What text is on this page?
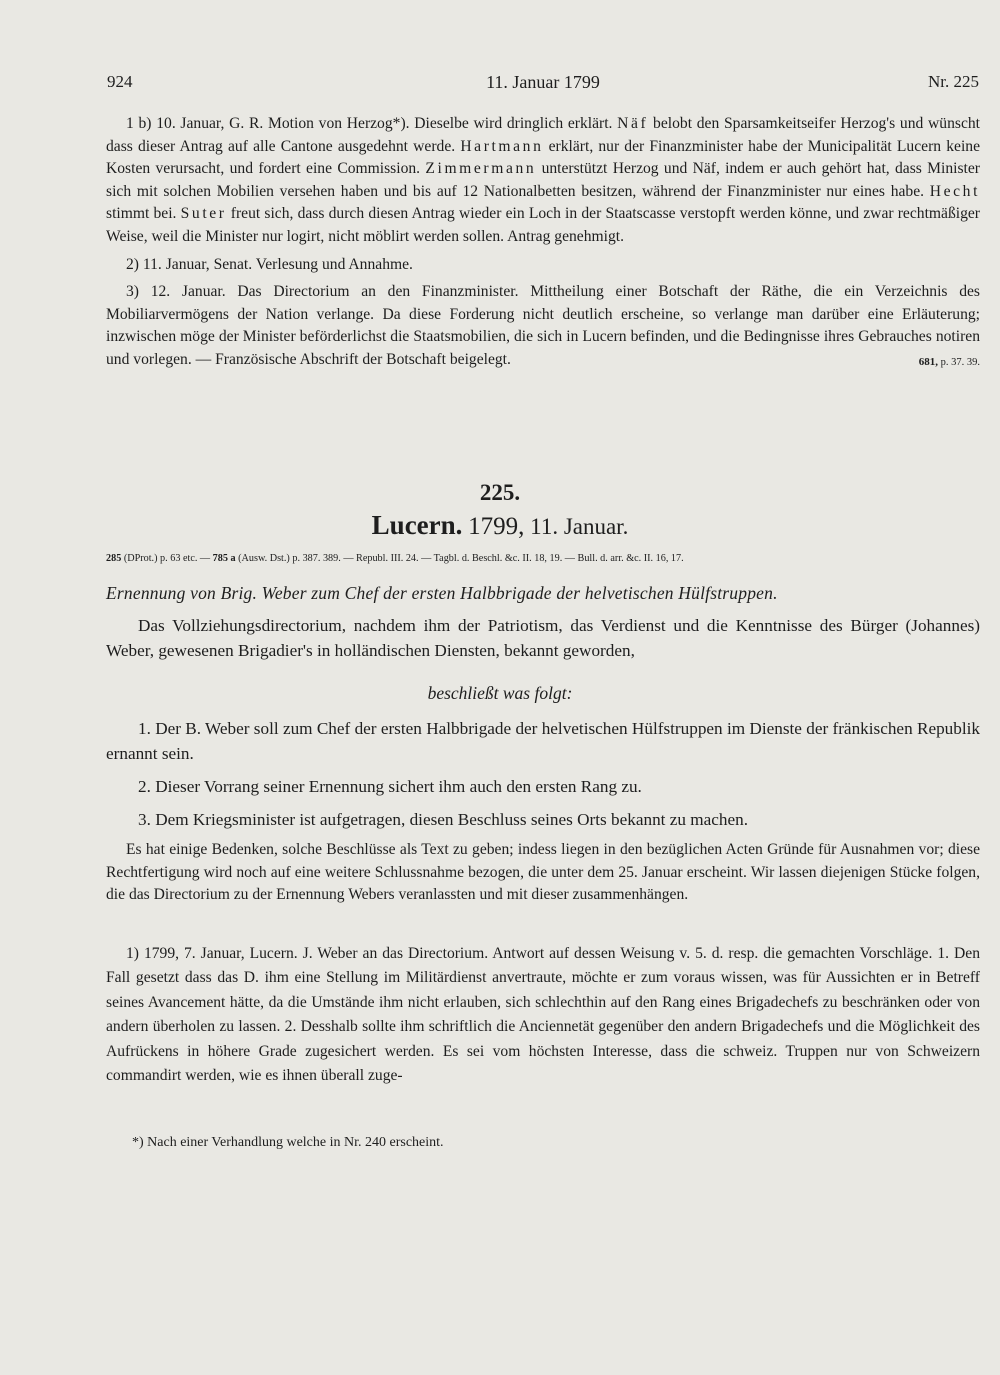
11. Januar 1799
924	Nr. 225

1 b) 10. Januar, G. R. Motion von Herzog*). Dieselbe wird dringlich erklärt. Näf belobt den Sparsamkeitseifer Herzog's und wünscht dass dieser Antrag auf alle Cantone ausgedehnt werde. Hartmann erklärt, nur der Finanzminister habe der Municipalität Lucern keine Kosten verursacht, und fordert eine Commission. Zimmermann unterstützt Herzog und Näf, indem er auch gehört hat, dass Minister sich mit solchen Mobilien versehen haben und bis auf 12 Nationalbetten besitzen, während der Finanzminister nur eines habe. Hecht stimmt bei. Suter freut sich, dass durch diesen Antrag wieder ein Loch in der Staatscasse verstopft werden könne, und zwar rechtmäßiger Weise, weil die Minister nur logirt, nicht möblirt werden sollen. Antrag genehmigt.

2) 11. Januar, Senat. Verlesung und Annahme.

3) 12. Januar. Das Directorium an den Finanzminister. Mittheilung einer Botschaft der Räthe, die ein Verzeichnis des Mobiliarvermögens der Nation verlange. Da diese Forderung nicht deutlich erscheine, so verlange man darüber eine Erläuterung; inzwischen möge der Minister beförderlichst die Staatsmobilien, die sich in Lucern befinden, und die Bedingnisse ihres Gebrauches notiren und vorlegen. — Französische Abschrift der Botschaft beigelegt.	681, p. 37. 39.

225.
Lucern. 1799, 11. Januar.
285 (DProt.) p. 63 etc. — 785 a (Ausw. Dst.) p. 387. 389. — Republ. III. 24. — Tagbl. d. Beschl. &c. II. 18, 19. — Bull. d. arr. &c. II. 16, 17.
Ernennung von Brig. Weber zum Chef der ersten Halbbrigade der helvetischen Hülfstruppen.

Das Vollziehungsdirectorium, nachdem ihm der Patriotism, das Verdienst und die Kenntnisse des Bürger (Johannes) Weber, gewesenen Brigadier's in holländischen Diensten, bekannt geworden,

beschließt was folgt:

1. Der B. Weber soll zum Chef der ersten Halbbrigade der helvetischen Hülfstruppen im Dienste der fränkischen Republik ernannt sein.

2. Dieser Vorrang seiner Ernennung sichert ihm auch den ersten Rang zu.

3. Dem Kriegsminister ist aufgetragen, diesen Beschluss seines Orts bekannt zu machen.

Es hat einige Bedenken, solche Beschlüsse als Text zu geben; indess liegen in den bezüglichen Acten Gründe für Ausnahmen vor; diese Rechtfertigung wird noch auf eine weitere Schlussnahme bezogen, die unter dem 25. Januar erscheint. Wir lassen diejenigen Stücke folgen, die das Directorium zu der Ernennung Webers veranlassten und mit dieser zusammenhängen.

1) 1799, 7. Januar, Lucern. J. Weber an das Directorium. Antwort auf dessen Weisung v. 5. d. resp. die gemachten Vorschläge. 1. Den Fall gesetzt dass das D. ihm eine Stellung im Militärdienst anvertraute, möchte er zum voraus wissen, was für Aussichten er in Betreff seines Avancement hätte, da die Umstände ihm nicht erlauben, sich schlechthin auf den Rang eines Brigadechefs zu beschränken oder von andern überholen zu lassen. 2. Desshalb sollte ihm schriftlich die Anciennetät gegenüber den andern Brigadechefs und die Möglichkeit des Aufrückens in höhere Grade zugesichert werden. Es sei vom höchsten Interesse, dass die schweiz. Truppen nur von Schweizern commandirt werden, wie es ihnen überall zuge-

*) Nach einer Verhandlung welche in Nr. 240 erscheint.
